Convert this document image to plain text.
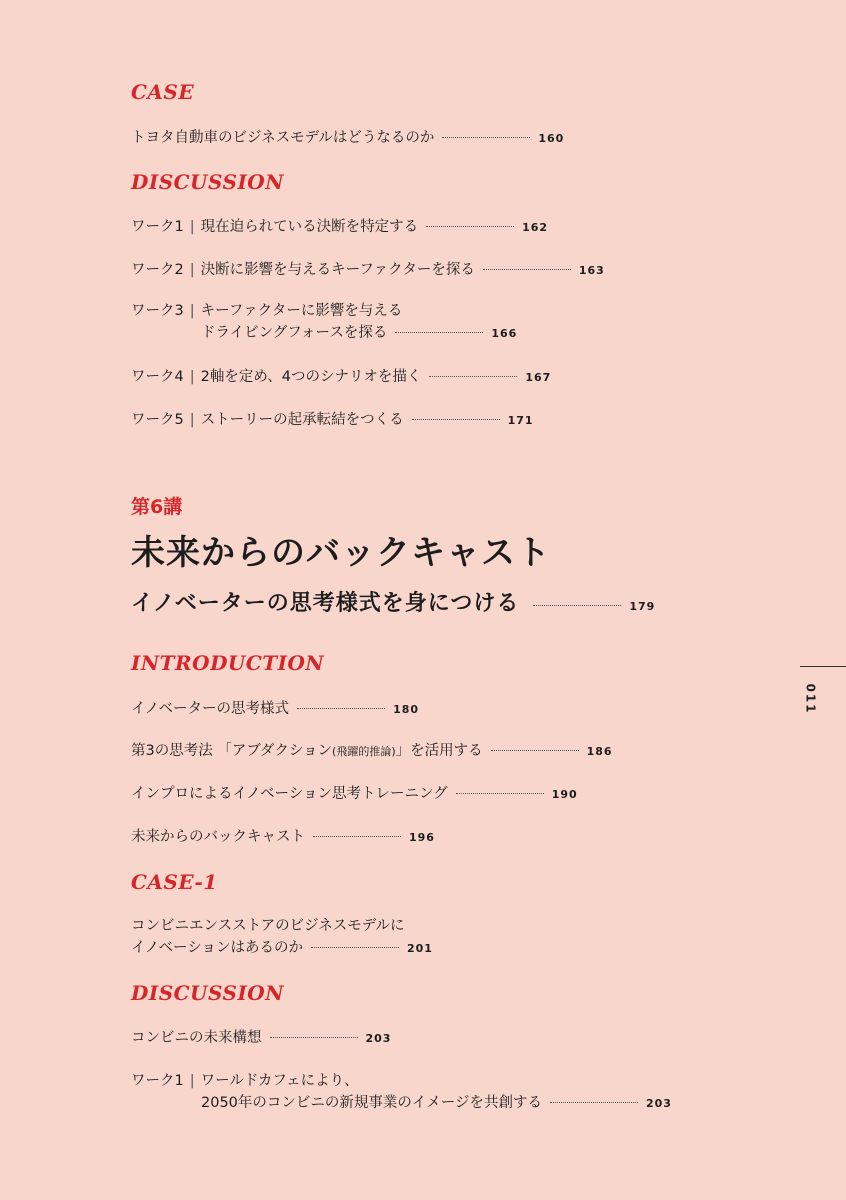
CASE
トヨタ自動車のビジネスモデルはどうなるのか	160
DISCUSSION
ワーク1 | 現在迫られている決断を特定する	162
ワーク2 | 決断に影響を与えるキーファクターを探る	163
ワーク3 | キーファクターに影響を与える
ドライビングフォースを探る	166
ワーク4 | 2軸を定め、4つのシナリオを描く	167
ワーク5 | ストーリーの起承転結をつくる	171
第6講
未来からのバックキャスト
イノベーターの思考様式を身につける	179
INTRODUCTION
イノベーターの思考様式	180
第3の思考法 「アブダクション (飛躍的推論) 」を活用する	186
インプロによるイノベーション思考トレーニング	190
未来からのバックキャスト	196
CASE-1
コンビニエンスストアのビジネスモデルに
イノベーションはあるのか	201
DISCUSSION
コンビニの未来構想	203
ワーク1 | ワールドカフェにより、
2050年のコンビニの新規事業のイメージを共創する	203
011
